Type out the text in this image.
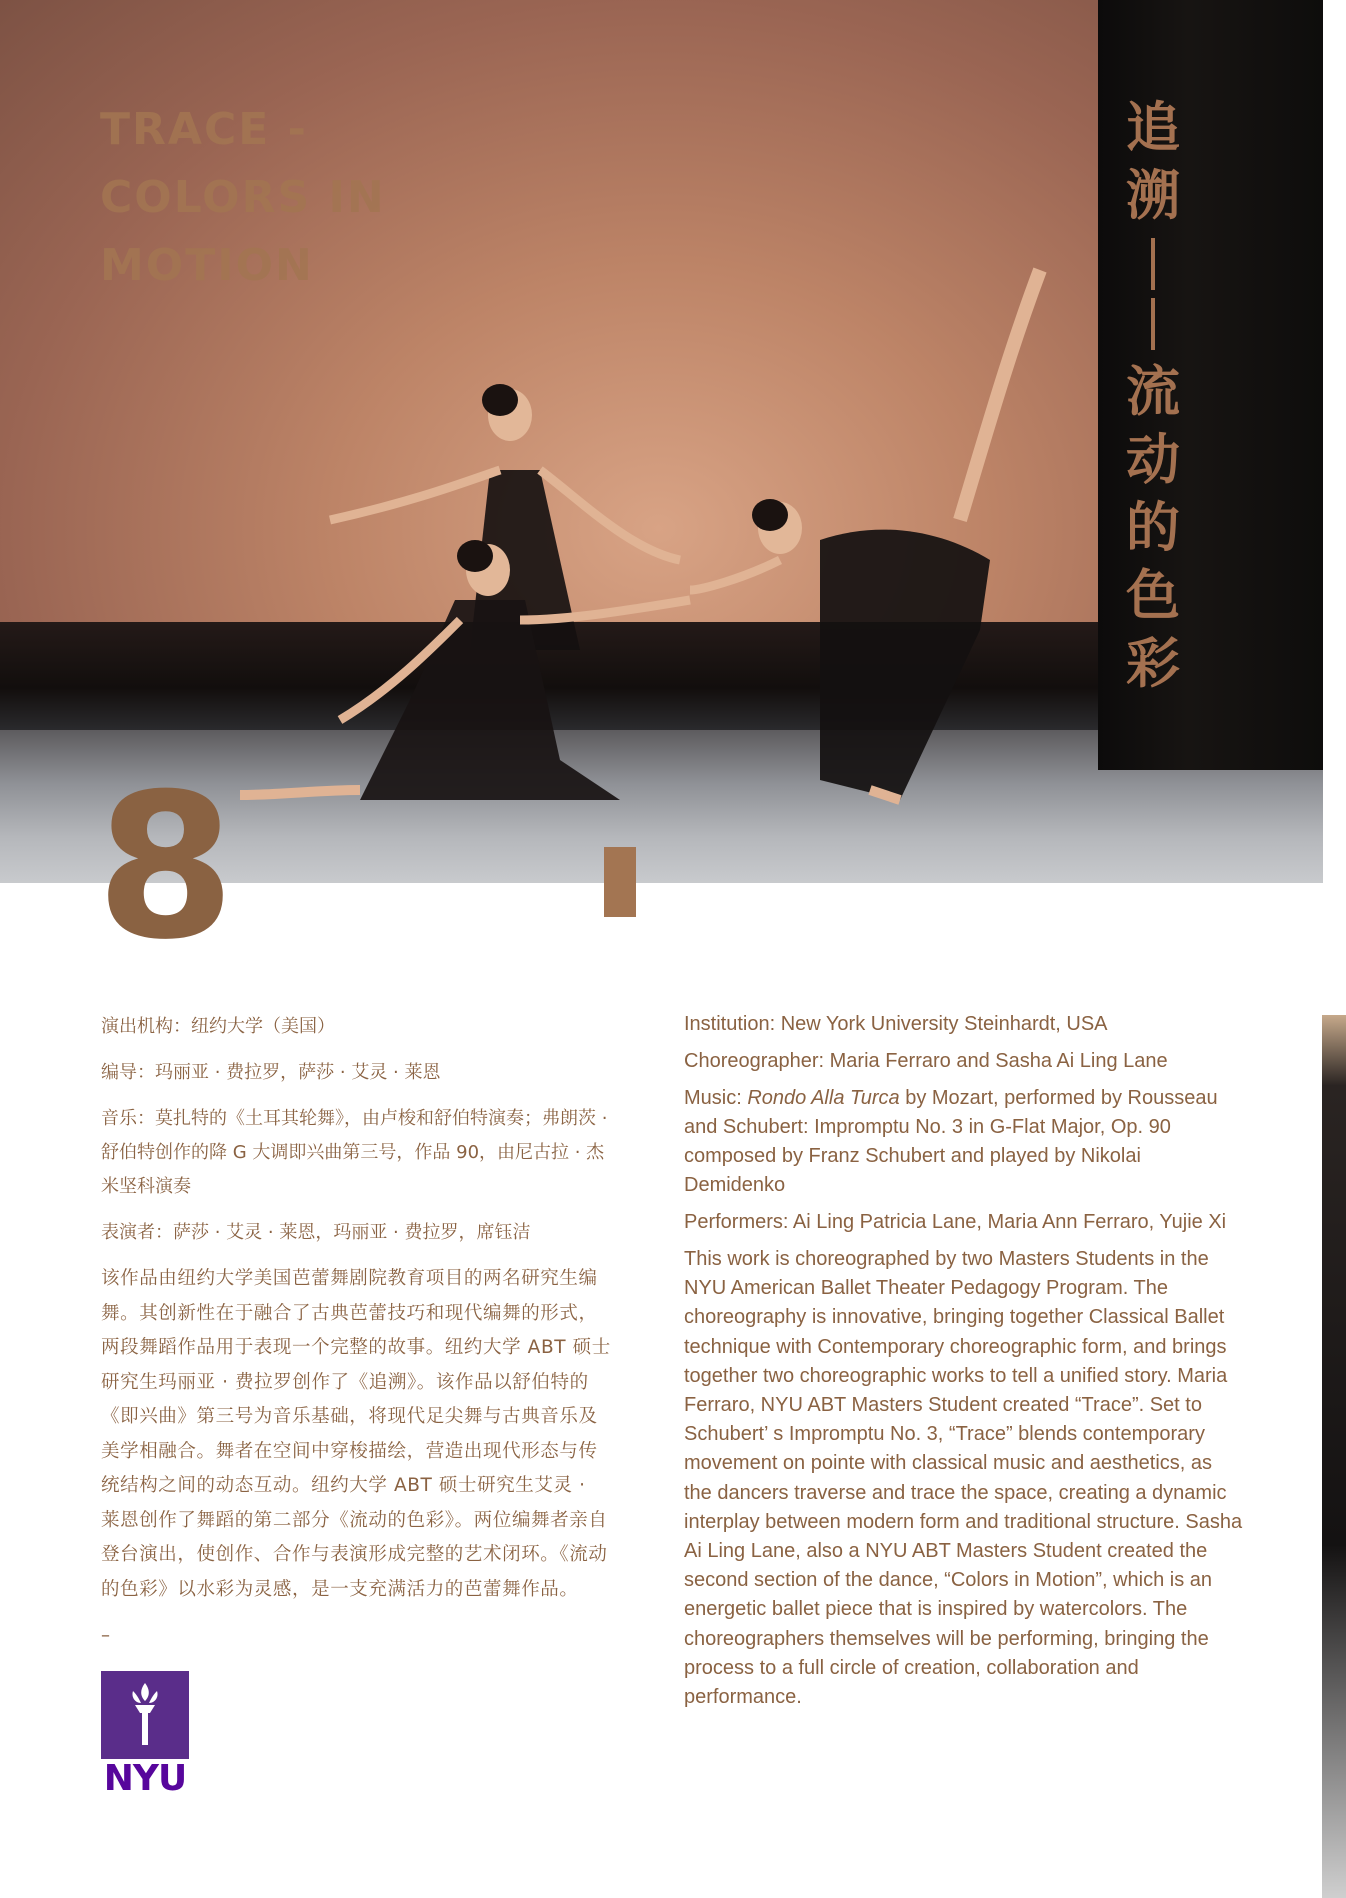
TRACE -
COLORS IN
MOTION
追
溯
流
动
的
色
彩
8

演出机构：纽约大学（美国）

编导：玛丽亚 · 费拉罗，萨莎 · 艾灵 · 莱恩

音乐：莫扎特的《土耳其轮舞》，由卢梭和舒伯特演奏；弗朗茨 · 舒伯特创作的降 G 大调即兴曲第三号，作品 90，由尼古拉 · 杰米坚科演奏

表演者：萨莎 · 艾灵 · 莱恩，玛丽亚 · 费拉罗，席钰洁

该作品由纽约大学美国芭蕾舞剧院教育项目的两名研究生编舞。其创新性在于融合了古典芭蕾技巧和现代编舞的形式，两段舞蹈作品用于表现一个完整的故事。纽约大学 ABT 硕士研究生玛丽亚 · 费拉罗创作了《追溯》。该作品以舒伯特的《即兴曲》第三号为音乐基础，将现代足尖舞与古典音乐及美学相融合。舞者在空间中穿梭描绘，营造出现代形态与传统结构之间的动态互动。纽约大学 ABT 硕士研究生艾灵 · 莱恩创作了舞蹈的第二部分《流动的色彩》。两位编舞者亲自登台演出，使创作、合作与表演形成完整的艺术闭环。《流动的色彩》以水彩为灵感，是一支充满活力的芭蕾舞作品。

–

Institution: New York University Steinhardt, USA

Choreographer: Maria Ferraro and Sasha Ai Ling Lane

Music: Rondo Alla Turca by Mozart, performed by Rousseau and Schubert: Impromptu No. 3 in G-Flat Major, Op. 90 composed by Franz Schubert and played by Nikolai Demidenko

Performers: Ai Ling Patricia Lane, Maria Ann Ferraro, Yujie Xi

This work is choreographed by two Masters Students in the NYU American Ballet Theater Pedagogy Program. The choreography is innovative, bringing together Classical Ballet technique with Contemporary choreographic form, and brings together two choreographic works to tell a unified story. Maria Ferraro, NYU ABT Masters Student created “Trace”. Set to Schubert’ s Impromptu No. 3, “Trace” blends contemporary movement on pointe with classical music and aesthetics, as the dancers traverse and trace the space, creating a dynamic interplay between modern form and traditional structure. Sasha Ai Ling Lane, also a NYU ABT Masters Student created the second section of the dance, “Colors in Motion”, which is an energetic ballet piece that is inspired by watercolors. The choreographers themselves will be performing, bringing the process to a full circle of creation, collaboration and performance.

NYU
